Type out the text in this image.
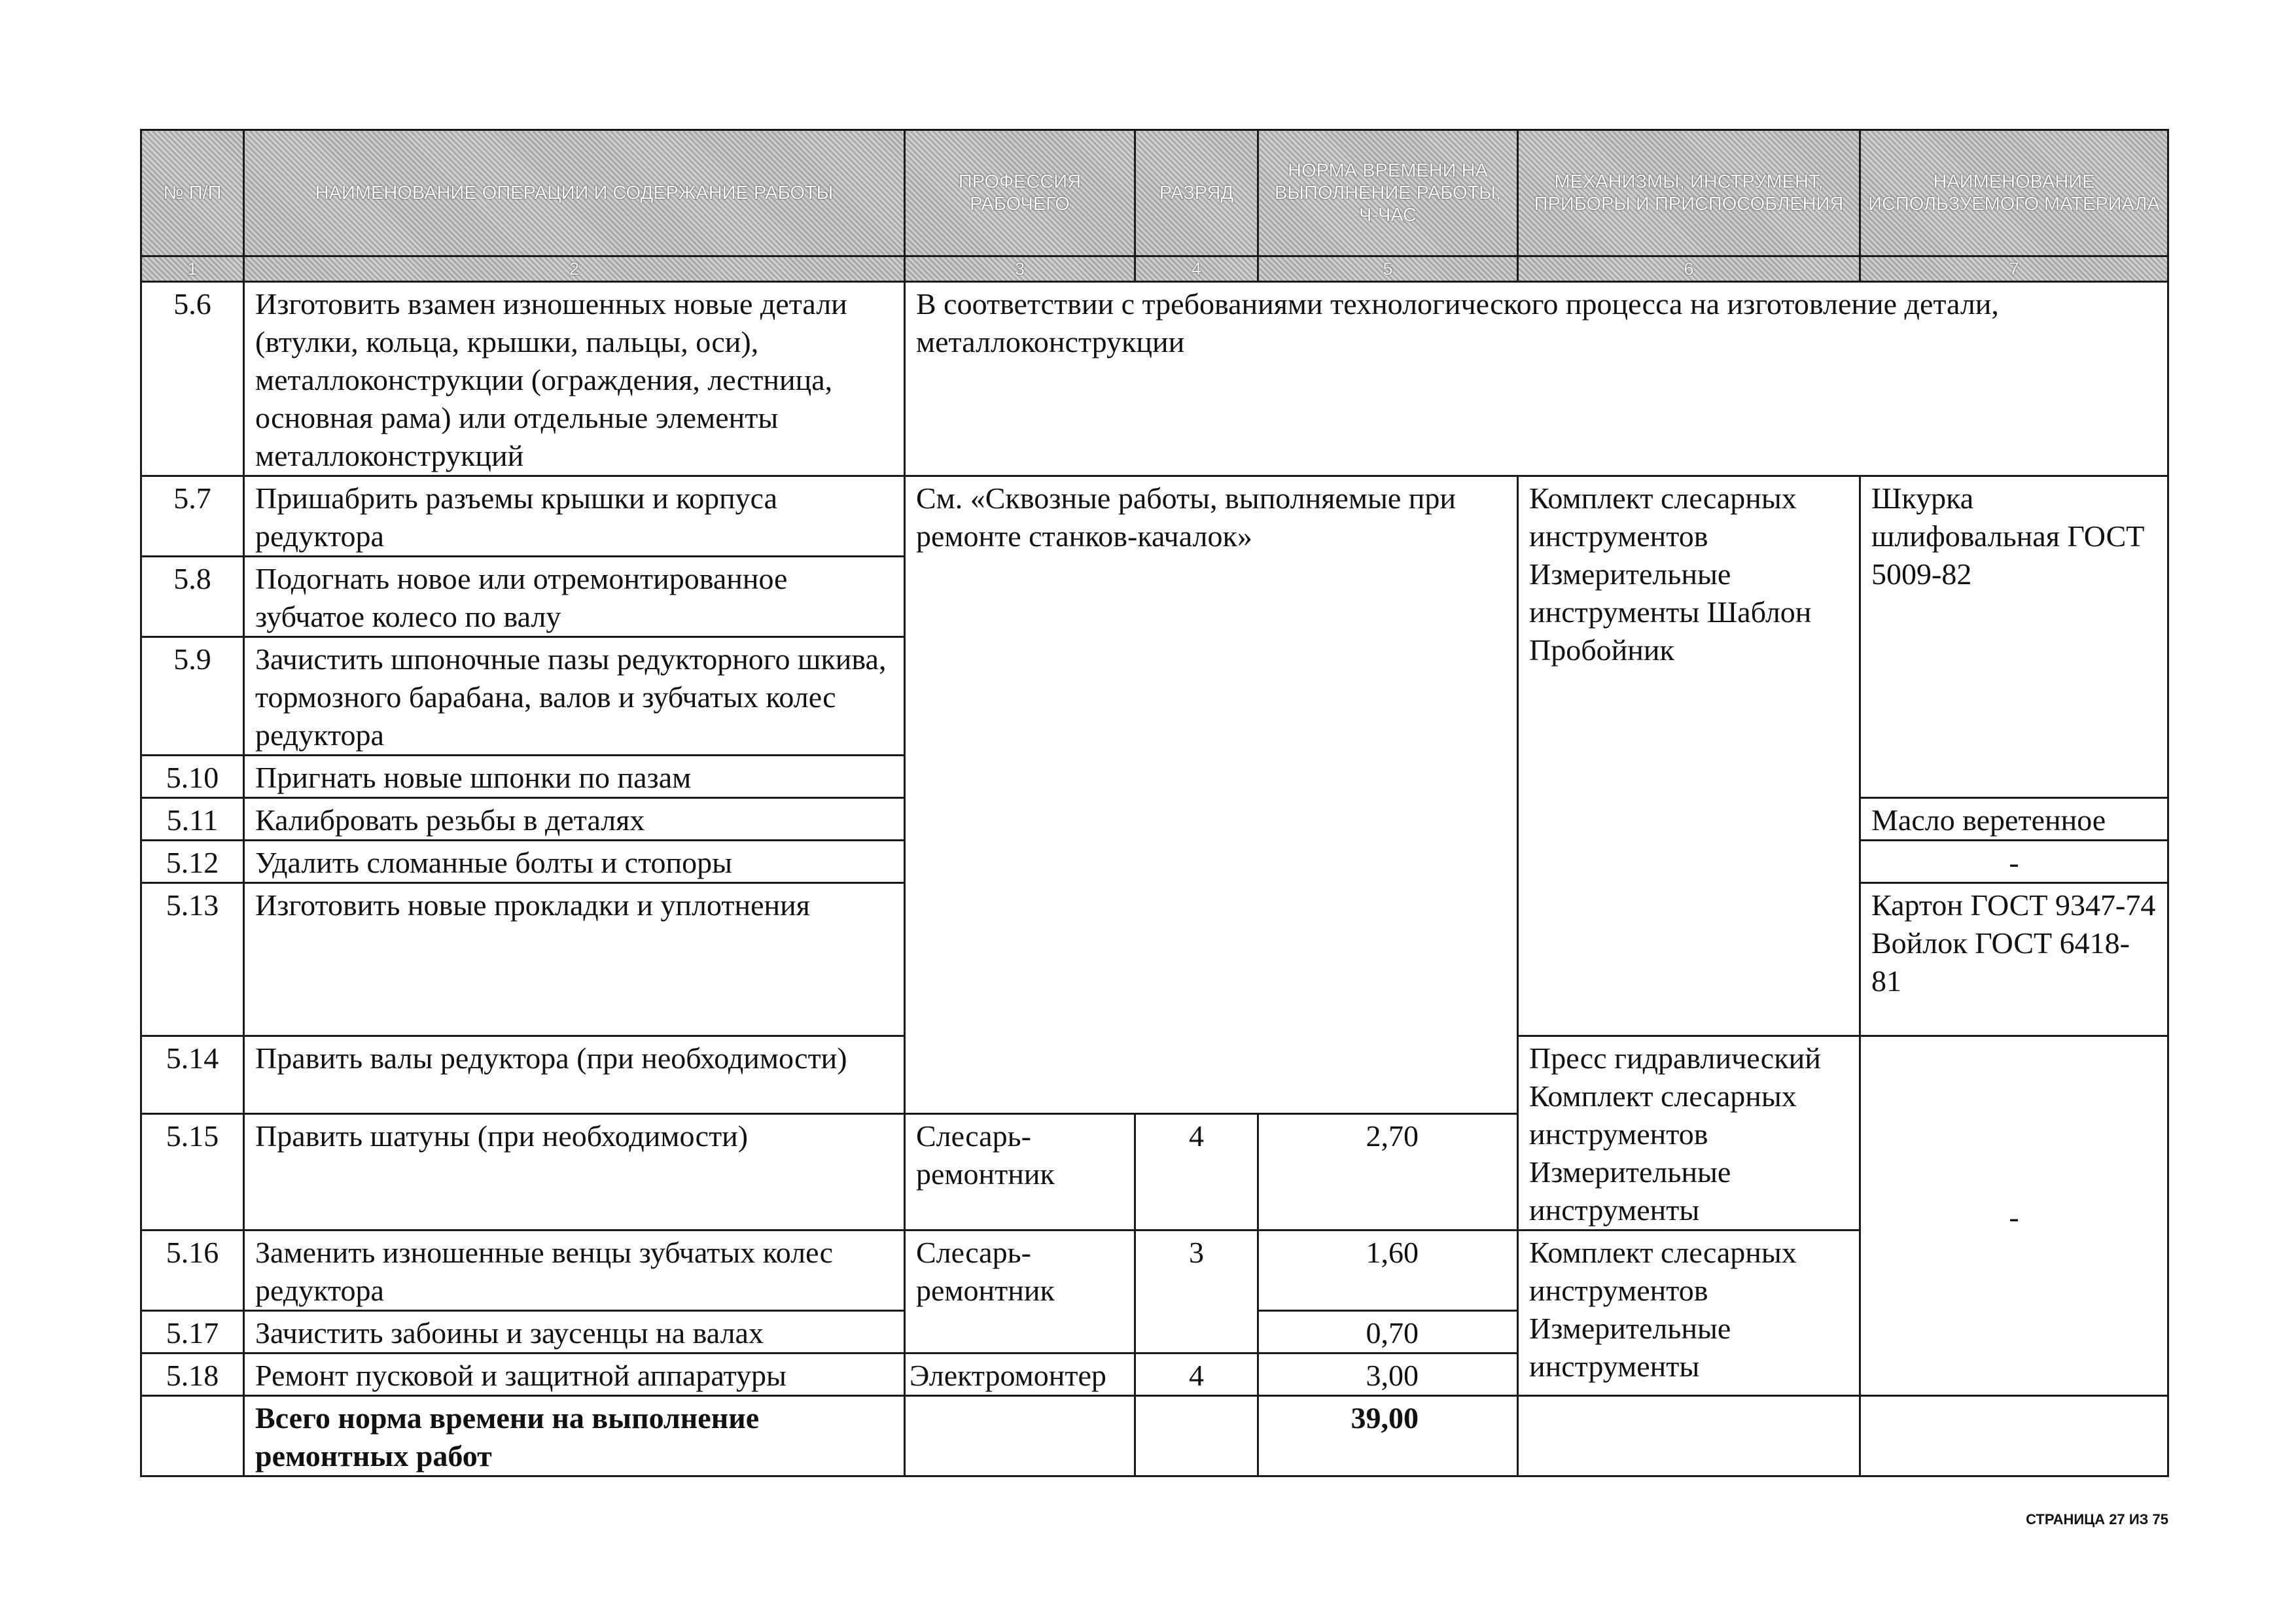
№ П/П	НАИМЕНОВАНИЕ ОПЕРАЦИИ И СОДЕРЖАНИЕ РАБОТЫ	ПРОФЕССИЯ РАБОЧЕГО	РАЗРЯД	НОРМА ВРЕМЕНИ НА ВЫПОЛНЕНИЕ РАБОТЫ, Ч-ЧАС	МЕХАНИЗМЫ, ИНСТРУМЕНТ, ПРИБОРЫ И ПРИСПОСОБЛЕНИЯ	НАИМЕНОВАНИЕ ИСПОЛЬЗУЕМОГО МАТЕРИАЛА
1	2	3	4	5	6	7
5.6	Изготовить взамен изношенных новые детали (втулки, кольца, крышки, пальцы, оси), металлоконструкции (ограждения, лестница, основная рама) или отдельные элементы металлоконструкций	В соответствии с требованиями технологического процесса на изготовление детали, металлоконструкции				
5.7	Пришабрить разъемы крышки и корпуса редуктора	См. «Сквозные работы, выполняемые при ремонте станков-качалок»			Комплект слесарных инструментов Измерительные инструменты Шаблон Пробойник	Шкурка шлифовальная ГОСТ 5009-82
5.8	Подогнать новое или отремонтированное зубчатое колесо по валу					
5.9	Зачистить шпоночные пазы редукторного шкива, тормозного барабана, валов и зубчатых колес редуктора					
5.10	Пригнать новые шпонки по пазам					
5.11	Калибровать резьбы в деталях					Масло веретенное
5.12	Удалить сломанные болты и стопоры					-
5.13	Изготовить новые прокладки и уплотнения					Картон ГОСТ 9347-74 Войлок ГОСТ 6418-81
5.14	Править валы редуктора (при необходимости)				Пресс гидравлический Комплект слесарных инструментов Измерительные инструменты	-
5.15	Править шатуны (при необходимости)	Слесарь-ремонтник	4	2,70		
5.16	Заменить изношенные венцы зубчатых колес редуктора	Слесарь-ремонтник	3	1,60	Комплект слесарных инструментов Измерительные инструменты	
5.17	Зачистить забоины и заусенцы на валах			0,70		
5.18	Ремонт пусковой и защитной аппаратуры	Электромонтер	4	3,00		
	Всего норма времени на выполнение ремонтных работ			39,00		
СТРАНИЦА 27 ИЗ 75
